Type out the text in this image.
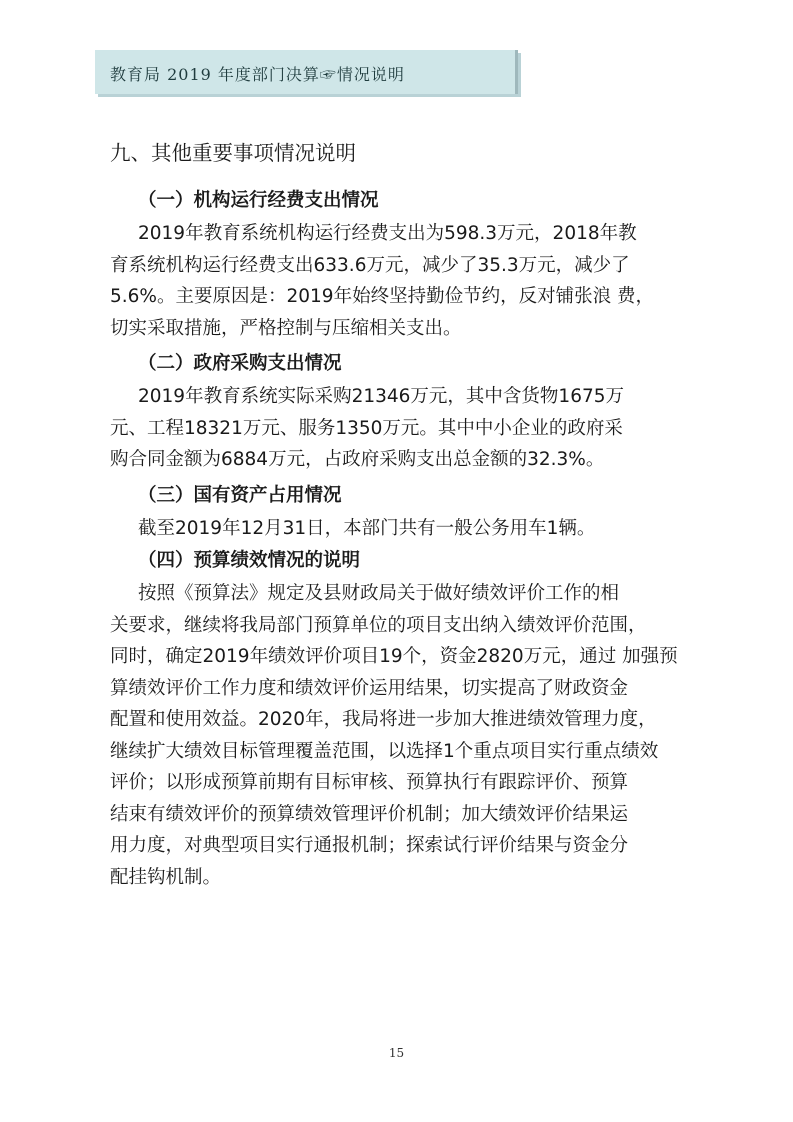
教育局 2019 年度部门决算☞情况说明
九、其他重要事项情况说明
（一）机构运行经费支出情况
2019年教育系统机构运行经费支出为598.3万元，2018年教
育系统机构运行经费支出633.6万元，减少了35.3万元，减少了
5.6%。主要原因是：2019年始终坚持勤俭节约，反对铺张浪 费，
切实采取措施，严格控制与压缩相关支出。
（二）政府采购支出情况
2019年教育系统实际采购21346万元，其中含货物1675万
元、工程18321万元、服务1350万元。其中中小企业的政府采
购合同金额为6884万元，占政府采购支出总金额的32.3%。
（三）国有资产占用情况
截至2019年12月31日，本部门共有一般公务用车1辆。
（四）预算绩效情况的说明
按照《预算法》规定及县财政局关于做好绩效评价工作的相
关要求，继续将我局部门预算单位的项目支出纳入绩效评价范围，
同时，确定2019年绩效评价项目19个，资金2820万元，通过 加强预
算绩效评价工作力度和绩效评价运用结果，切实提高了财政资金
配置和使用效益。2020年，我局将进一步加大推进绩效管理力度，
继续扩大绩效目标管理覆盖范围，以选择1个重点项目实行重点绩效
评价；以形成预算前期有目标审核、预算执行有跟踪评价、预算
结束有绩效评价的预算绩效管理评价机制；加大绩效评价结果运
用力度，对典型项目实行通报机制；探索试行评价结果与资金分
配挂钩机制。
15
